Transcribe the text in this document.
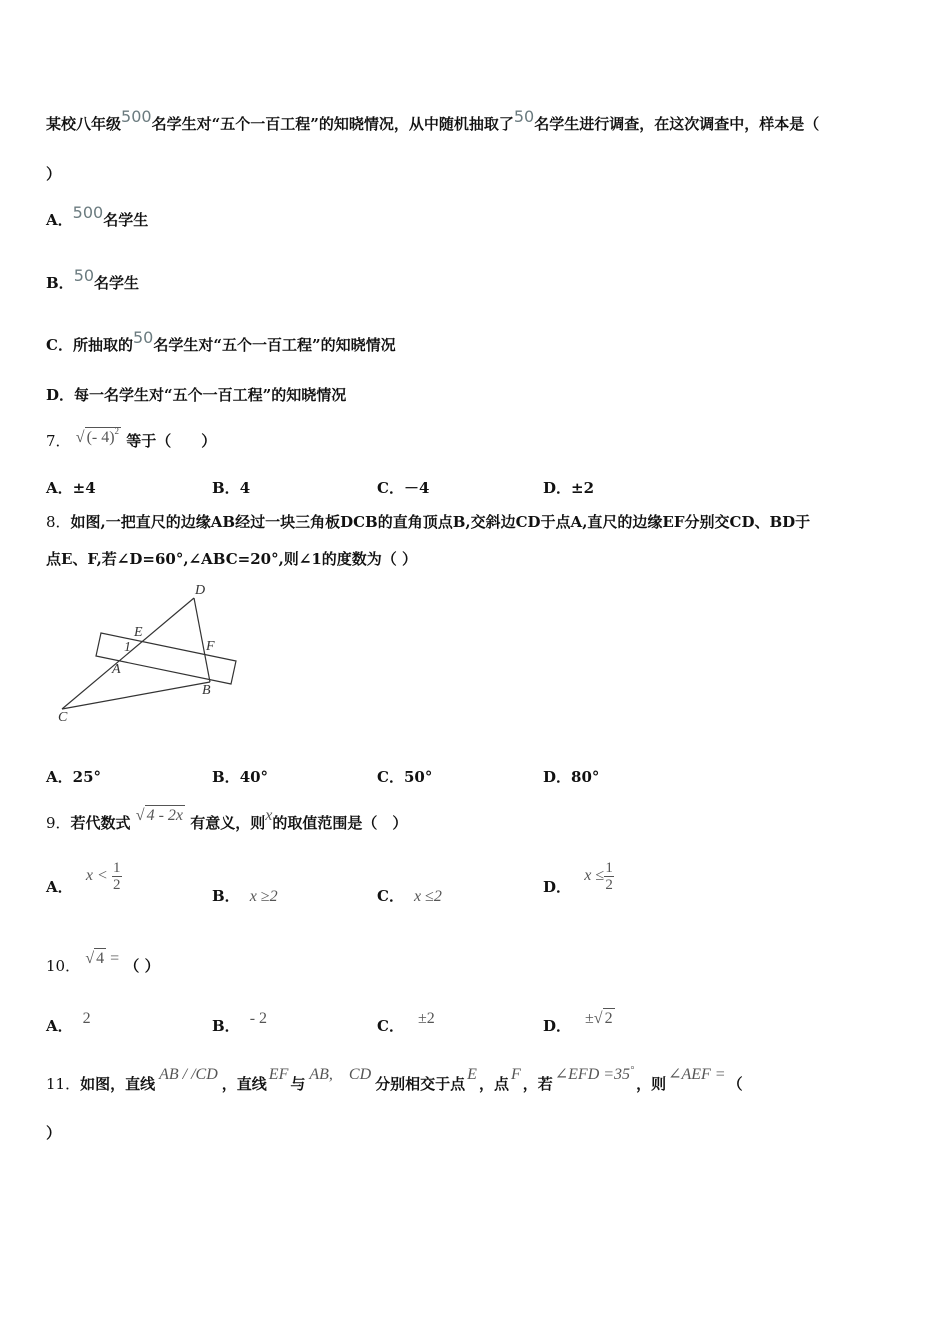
某校八年级500名学生对“五个一百工程”的知晓情况，从中随机抽取了50名学生进行调查，在这次调查中，样本是（
）
A．500名学生
B．50名学生
C．所抽取的50名学生对“五个一百工程”的知晓情况
D．每一名学生对“五个一百工程”的知晓情况
7． √ (- 4)$^2$ 等于（　　）
A．±4	B．4	C．－4	D．±2
8．如图,一把直尺的边缘AB经过一块三角板DCB的直角顶点B,交斜边CD于点A,直尺的边缘EF分别交CD、BD于
点E、F,若∠D=60°,∠ABC=20°,则∠1的度数为（ ）
D
E
F
1
A
B
C
A．25°	B．40°	C．50°	D．80°
9．若代数式 √ 4 - 2x 有意义，则x的取值范围是（　）
A． $x < \frac{1}{2}$
B． x ≥2	C． x ≤2
D． $x \le \frac{1}{2}$
10． √ 4 = （ ）
A． 2	B． - 2	C． ±2	D． ±√ 2
11．如图，直线AB / /CD，直线EF与AB,　CD分别相交于点E，点F，若∠EFD =35°，则∠AEF =（
）
